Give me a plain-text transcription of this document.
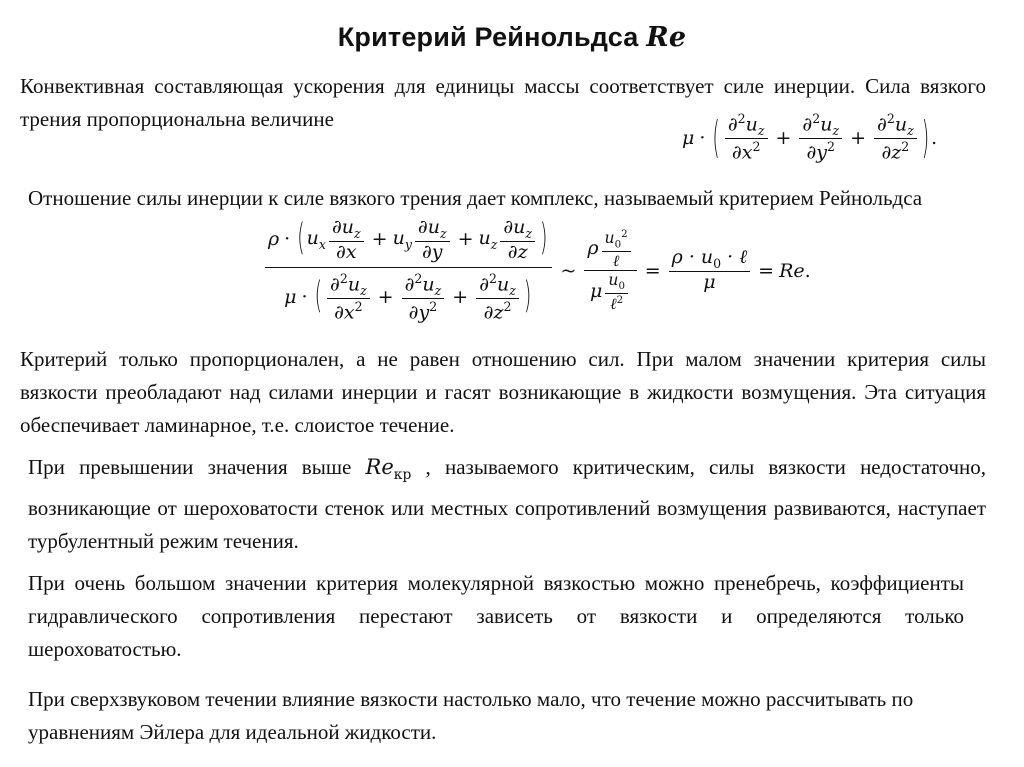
Критерий Рейнольдса Re

Конвективная составляющая ускорения для единицы массы соответствует силе инерции. Сила вязкого трения пропорциональна величине

μ · ( $\frac{\partial^2u_z}{\partial x^2} + \frac{\partial^2u_z}{\partial y^2} + \frac{\partial^2u_z}{\partial z^2}$ ) .

Отношение силы инерции к силе вязкого трения дает комплекс, называемый критерием Рейнольдса

ρ · ( $u_x \frac{\partial u_z}{\partial x} + u_y \frac{\partial u_z}{\partial y} + u_z \frac{\partial u_z}{\partial z}$ )
μ · ( $\frac{\partial^2u_z}{\partial x^2} + \frac{\partial^2u_z}{\partial y^2} + \frac{\partial^2u_z}{\partial z^2}$ )
~ $\frac{\rho \frac{u_0^2}{\text{ℓ}}}{\mu \frac{u_0}{\ell^2}} = \frac{\rho \cdot u_0 \cdot \ell}{\mu} = Re$ .

Критерий только пропорционален, а не равен отношению сил. При малом значении критерия силы вязкости преобладают над силами инерции и гасят возникающие в жидкости возмущения. Эта ситуация обеспечивает ламинарное, т.е. слоистое течение.

При превышении значения выше $Re_{кр}$ , называемого критическим, силы вязкости недостаточно, возникающие от шероховатости стенок или местных сопротивлений возмущения развиваются, наступает турбулентный режим течения.

При очень большом значении критерия молекулярной вязкостью можно пренебречь, коэффициенты гидравлического сопротивления перестают зависеть от вязкости и определяются только шероховатостью.

При сверхзвуковом течении влияние вязкости настолько мало, что течение можно рассчитывать по уравнениям Эйлера для идеальной жидкости.
